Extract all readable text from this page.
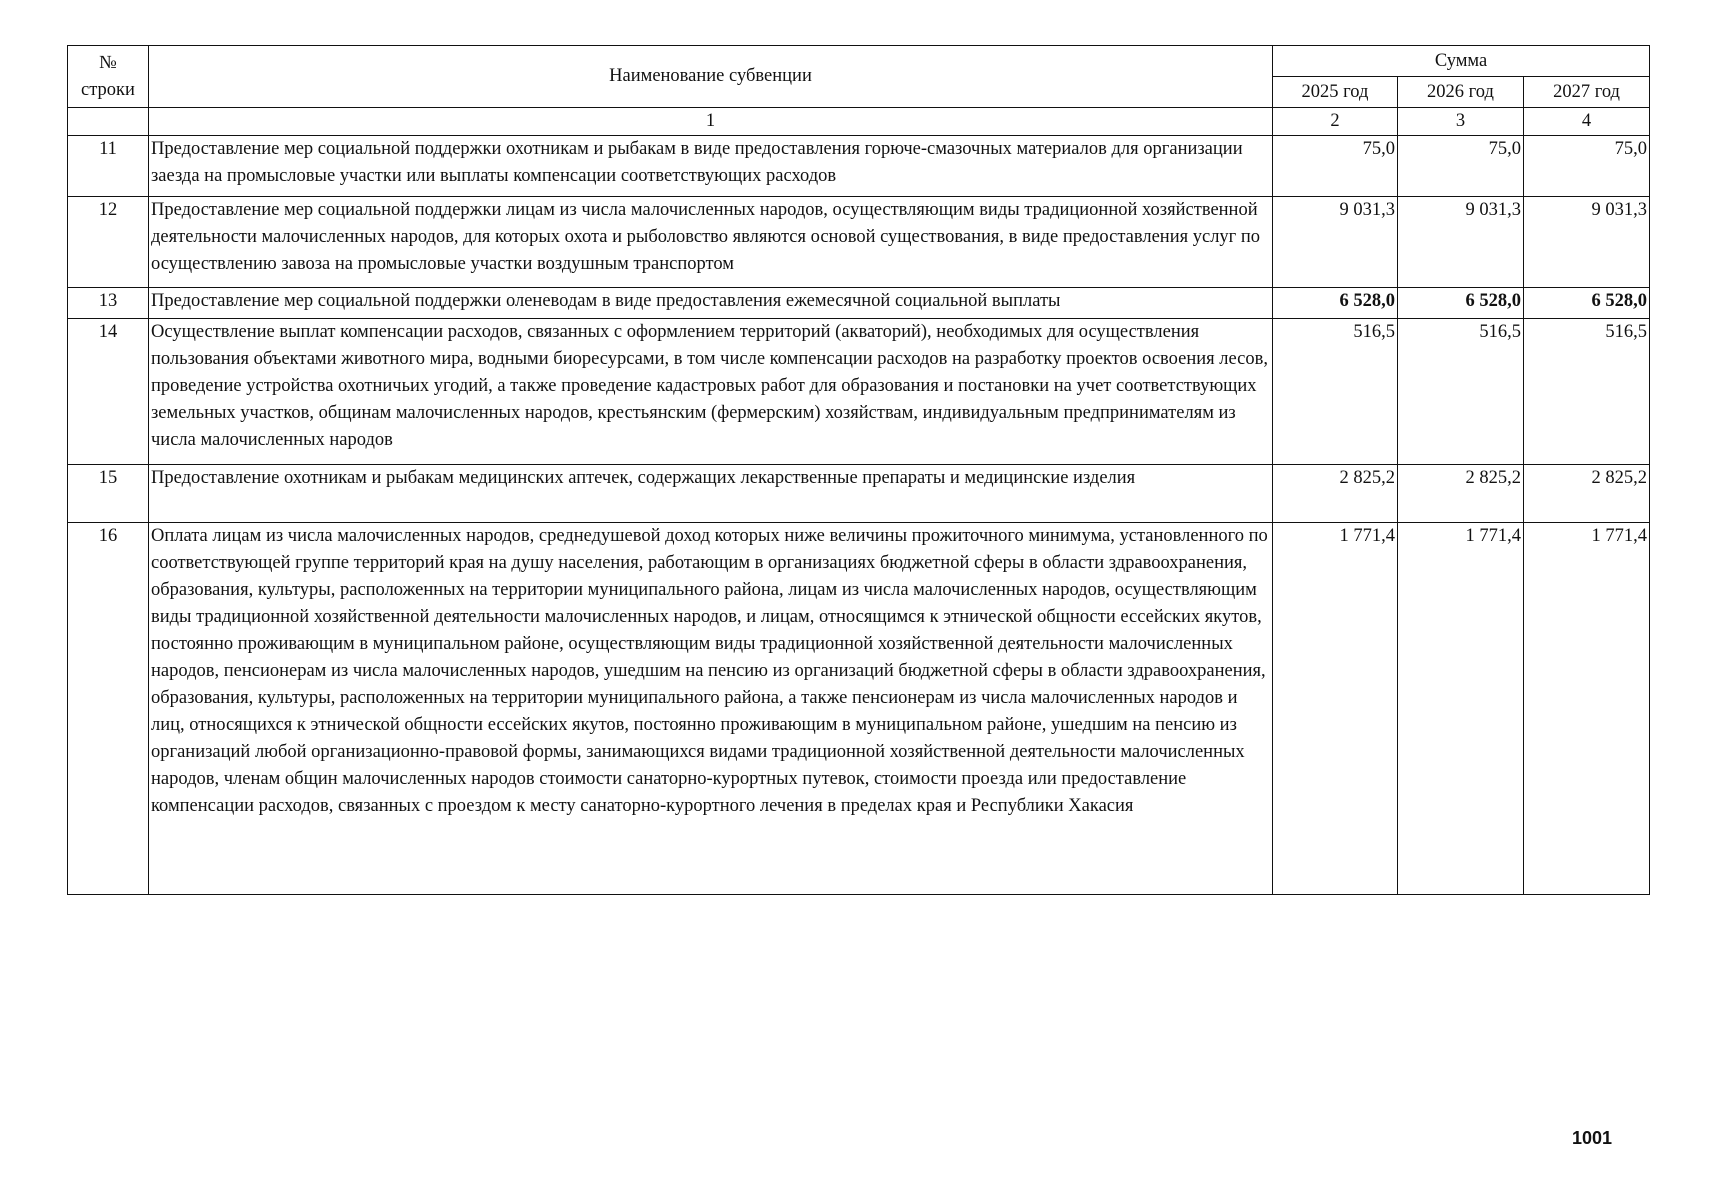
№
строки	Наименование субвенции	Сумма		
		2025 год	2026 год	2027 год
	1	2	3	4
11	Предоставление мер социальной поддержки охотникам и рыбакам в виде предоставления горюче-смазочных материалов для организации заезда на промысловые участки или выплаты компенсации соответствующих расходов	75,0	75,0	75,0
12	Предоставление мер социальной поддержки лицам из числа малочисленных народов, осуществляющим виды традиционной хозяйственной деятельности малочисленных народов, для которых охота и рыболовство являются основой существования, в виде предоставления услуг по осуществлению завоза на промысловые участки воздушным транспортом	9 031,3	9 031,3	9 031,3
13	Предоставление мер социальной поддержки оленеводам в виде предоставления ежемесячной социальной выплаты	6 528,0	6 528,0	6 528,0
14	Осуществление выплат компенсации расходов, связанных с оформлением территорий (акваторий), необходимых для осуществления пользования объектами животного мира, водными биоресурсами, в том числе компенсации расходов на разработку проектов освоения лесов, проведение устройства охотничьих угодий, а также проведение кадастровых работ для образования и постановки на учет соответствующих земельных участков, общинам малочисленных народов, крестьянским (фермерским) хозяйствам, индивидуальным предпринимателям из числа малочисленных народов	516,5	516,5	516,5
15	Предоставление охотникам и рыбакам медицинских аптечек, содержащих лекарственные препараты и медицинские изделия	2 825,2	2 825,2	2 825,2
16	Оплата лицам из числа малочисленных народов, среднедушевой доход которых ниже величины прожиточного минимума, установленного по соответствующей группе территорий края на душу населения, работающим в организациях бюджетной сферы в области здравоохранения, образования, культуры, расположенных на территории муниципального района, лицам из числа малочисленных народов, осуществляющим виды традиционной хозяйственной деятельности малочисленных народов, и лицам, относящимся к этнической общности ессейских якутов, постоянно проживающим в муниципальном районе, осуществляющим виды традиционной хозяйственной деятельности малочисленных народов, пенсионерам из числа малочисленных народов, ушедшим на пенсию из организаций бюджетной сферы в области здравоохранения, образования, культуры, расположенных на территории муниципального района, а также пенсионерам из числа малочисленных народов и лиц, относящихся к этнической общности ессейских якутов, постоянно проживающим в муниципальном районе, ушедшим на пенсию из организаций любой организационно-правовой формы, занимающихся видами традиционной хозяйственной деятельности малочисленных народов, членам общин малочисленных народов стоимости санаторно-курортных путевок, стоимости проезда или предоставление компенсации расходов, связанных с проездом к месту санаторно-курортного лечения в пределах края и Республики Хакасия	1 771,4	1 771,4	1 771,4
1001
